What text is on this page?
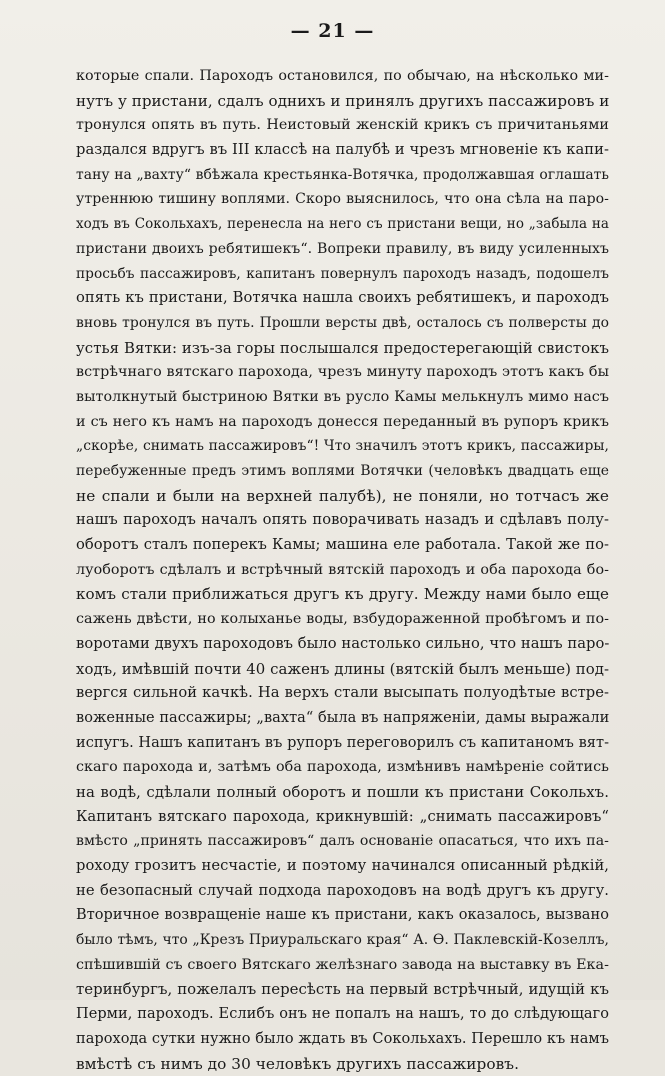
— 21 —
которые спали. Пароходъ остановился, по обычаю, на нѣсколько ми-
нутъ у пристани, сдалъ однихъ и принялъ другихъ пассажировъ и
тронулся опять въ путь. Неистовый женскій крикъ съ причитаньями
раздался вдругъ въ III классѣ на палубѣ и чрезъ мгновеніе къ капи-
тану на „вахту“ вбѣжала крестьянка-Вотячка, продолжавшая оглашать
утреннюю тишину воплями. Скоро выяснилось, что она сѣла на паро-
ходъ въ Сокольхахъ, перенесла на него съ пристани вещи, но „забыла на
пристани двоихъ ребятишекъ“. Вопреки правилу, въ виду усиленныхъ
просьбъ пассажировъ, капитанъ повернулъ пароходъ назадъ, подошелъ
опять къ пристани, Вотячка нашла своихъ ребятишекъ, и пароходъ
вновь тронулся въ путь. Прошли версты двѣ, осталось съ полверсты до
устья Вятки: изъ-за горы послышался предостерегающій свистокъ
встрѣчнаго вятскаго парохода, чрезъ минуту пароходъ этотъ какъ бы
вытолкнутый быстриною Вятки въ русло Камы мелькнулъ мимо насъ
и съ него къ намъ на пароходъ донесся переданный въ рупоръ крикъ
„скорѣе, снимать пассажировъ“! Что значилъ этотъ крикъ, пассажиры,
перебуженные предъ этимъ воплями Вотячки (человѣкъ двадцать еще
не спали и были на верхней палубѣ), не поняли, но тотчасъ же
нашъ пароходъ началъ опять поворачивать назадъ и сдѣлавъ полу-
оборотъ сталъ поперекъ Камы; машина еле работала. Такой же по-
луоборотъ сдѣлалъ и встрѣчный вятскій пароходъ и оба парохода бо-
комъ стали приближаться другъ къ другу. Между нами было еще
сажень двѣсти, но колыханье воды, взбудораженной пробѣгомъ и по-
воротами двухъ пароходовъ было настолько сильно, что нашъ паро-
ходъ, имѣвшій почти 40 саженъ длины (вятскій былъ меньше) под-
вергся сильной качкѣ. На верхъ стали высыпать полуодѣтые встре-
воженные пассажиры; „вахта“ была въ напряженіи, дамы выражали
испугъ. Нашъ капитанъ въ рупоръ переговорилъ съ капитаномъ вят-
скаго парохода и, затѣмъ оба парохода, измѣнивъ намѣреніе сойтись
на водѣ, сдѣлали полный оборотъ и пошли къ пристани Сокольхъ.
Капитанъ вятскаго парохода, крикнувшій: „снимать пассажировъ“
вмѣсто „принять пассажировъ“ далъ основаніе опасаться, что ихъ па-
роходу грозитъ несчастіе, и поэтому начинался описанный рѣдкій,
не безопасный случай подхода пароходовъ на водѣ другъ къ другу.
Вторичное возвращеніе наше къ пристани, какъ оказалось, вызвано
было тѣмъ, что „Крезъ Приуральскаго края“ А. Ѳ. Паклевскій-Козеллъ,
спѣшившій съ своего Вятскаго желѣзнаго завода на выставку въ Ека-
теринбургъ, пожелалъ пересѣсть на первый встрѣчный, идущій къ
Перми, пароходъ. Еслибъ онъ не попалъ на нашъ, то до слѣдующаго
парохода сутки нужно было ждать въ Сокольхахъ. Перешло къ намъ
вмѣстѣ съ нимъ до 30 человѣкъ другихъ пассажировъ.
